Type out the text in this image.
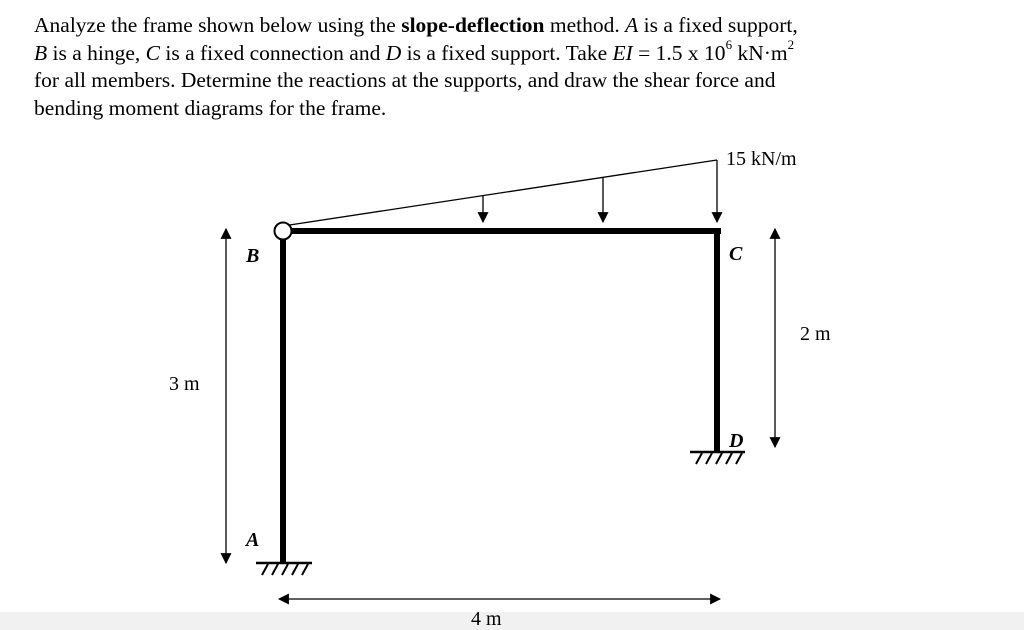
Analyze the frame shown below using the slope-deflection method. A is a fixed support,

B is a hinge, C is a fixed connection and D is a fixed support. Take EI = 1.5 x $10^6$ $kN\cdot m^2$

for all members. Determine the reactions at the supports, and draw the shear force and

bending moment diagrams for the frame.

15 kN/m
B	C
A
D
3 m
2 m
4 m
